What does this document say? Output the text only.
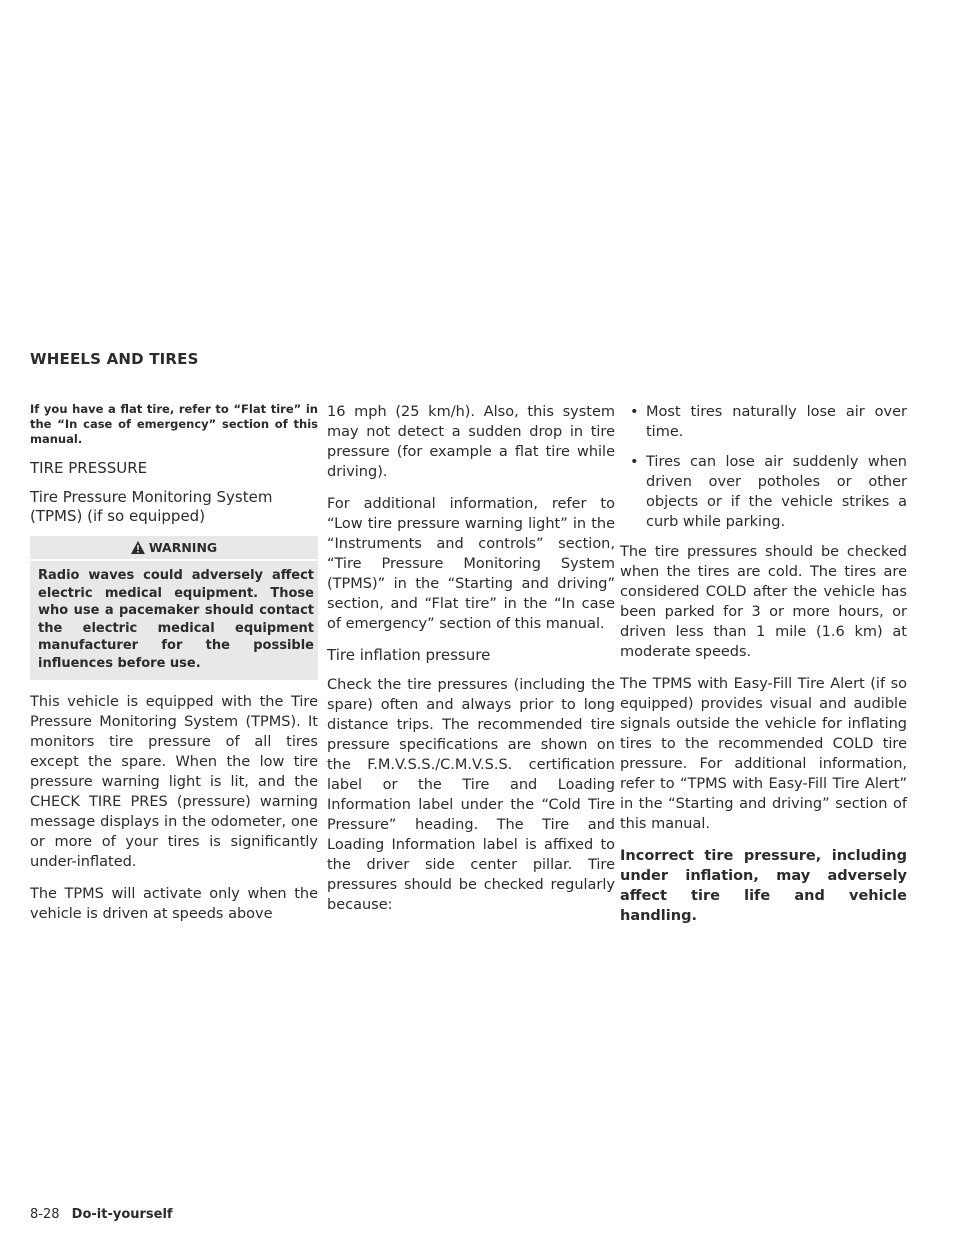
WHEELS AND TIRES

If you have a flat tire, refer to “Flat tire” in the “In case of emergency” section of this manual.

TIRE PRESSURE
Tire Pressure Monitoring System (TPMS) (if so equipped)
WARNING

Radio waves could adversely affect electric medical equipment. Those who use a pacemaker should contact the electric medical equipment manufacturer for the possible influences before use.

This vehicle is equipped with the Tire Pressure Monitoring System (TPMS). It monitors tire pressure of all tires except the spare. When the low tire pressure warning light is lit, and the CHECK TIRE PRES (pressure) warning message displays in the odometer, one or more of your tires is significantly under-inflated.

The TPMS will activate only when the vehicle is driven at speeds above

16 mph (25 km/h). Also, this system may not detect a sudden drop in tire pressure (for example a flat tire while driving).

For additional information, refer to “Low tire pressure warning light” in the “Instruments and controls” section, “Tire Pressure Monitoring System (TPMS)” in the “Starting and driving” section, and “Flat tire” in the “In case of emergency” section of this manual.

Tire inflation pressure

Check the tire pressures (including the spare) often and always prior to long distance trips. The recommended tire pressure specifications are shown on the F.M.V.S.S./C.M.V.S.S. certification label or the Tire and Loading Information label under the “Cold Tire Pressure” heading. The Tire and Loading Information label is affixed to the driver side center pillar. Tire pressures should be checked regularly because:

• Most tires naturally lose air over time.
• Tires can lose air suddenly when driven over potholes or other objects or if the vehicle strikes a curb while parking.

The tire pressures should be checked when the tires are cold. The tires are considered COLD after the vehicle has been parked for 3 or more hours, or driven less than 1 mile (1.6 km) at moderate speeds.

The TPMS with Easy-Fill Tire Alert (if so equipped) provides visual and audible signals outside the vehicle for inflating tires to the recommended COLD tire pressure. For additional information, refer to “TPMS with Easy-Fill Tire Alert” in the “Starting and driving” section of this manual.

Incorrect tire pressure, including under inflation, may adversely affect tire life and vehicle handling.

8-28 Do-it-yourself
